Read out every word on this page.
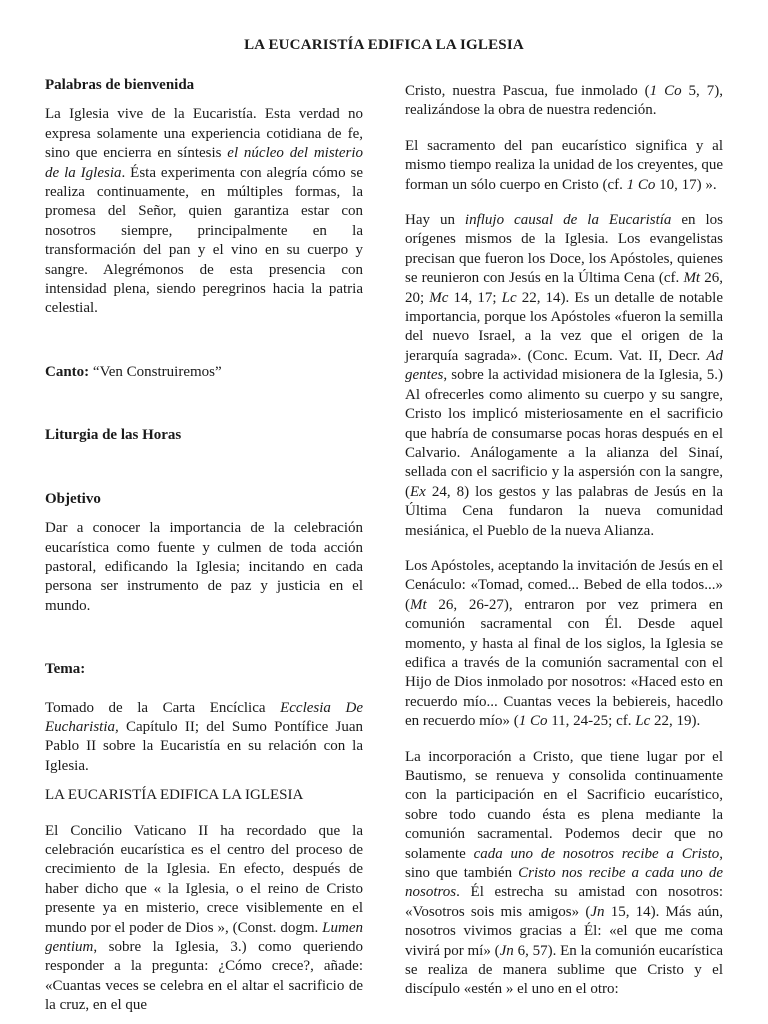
LA EUCARISTÍA EDIFICA LA IGLESIA

Palabras de bienvenida

La Iglesia vive de la Eucaristía. Esta verdad no expresa solamente una experiencia cotidiana de fe, sino que encierra en síntesis el núcleo del misterio de la Iglesia. Ésta experimenta con alegría cómo se realiza continuamente, en múltiples formas, la promesa del Señor, quien garantiza estar con nosotros siempre, principalmente en la transformación del pan y el vino en su cuerpo y sangre. Alegrémonos de esta presencia con intensidad plena, siendo peregrinos hacia la patria celestial.

Canto: “Ven Construiremos”

Liturgia de las Horas

Objetivo

Dar a conocer la importancia de la celebración eucarística como fuente y culmen de toda acción pastoral, edificando la Iglesia; incitando en cada persona ser instrumento de paz y justicia en el mundo.

Tema:

Tomado de la Carta Encíclica Ecclesia De Eucharistia, Capítulo II; del Sumo Pontífice Juan Pablo II sobre la Eucaristía en su relación con la Iglesia.

LA EUCARISTÍA EDIFICA LA IGLESIA

El Concilio Vaticano II ha recordado que la celebración eucarística es el centro del proceso de crecimiento de la Iglesia. En efecto, después de haber dicho que « la Iglesia, o el reino de Cristo presente ya en misterio, crece visiblemente en el mundo por el poder de Dios », (Const. dogm. Lumen gentium, sobre la Iglesia, 3.) como queriendo responder a la pregunta: ¿Cómo crece?, añade: «Cuantas veces se celebra en el altar el sacrificio de la cruz, en el que

Cristo, nuestra Pascua, fue inmolado (1 Co 5, 7), realizándose la obra de nuestra redención.

El sacramento del pan eucarístico significa y al mismo tiempo realiza la unidad de los creyentes, que forman un sólo cuerpo en Cristo (cf. 1 Co 10, 17) ».

Hay un influjo causal de la Eucaristía en los orígenes mismos de la Iglesia. Los evangelistas precisan que fueron los Doce, los Apóstoles, quienes se reunieron con Jesús en la Última Cena (cf. Mt 26, 20; Mc 14, 17; Lc 22, 14). Es un detalle de notable importancia, porque los Apóstoles «fueron la semilla del nuevo Israel, a la vez que el origen de la jerarquía sagrada». (Conc. Ecum. Vat. II, Decr. Ad gentes, sobre la actividad misionera de la Iglesia, 5.) Al ofrecerles como alimento su cuerpo y su sangre, Cristo los implicó misteriosamente en el sacrificio que habría de consumarse pocas horas después en el Calvario. Análogamente a la alianza del Sinaí, sellada con el sacrificio y la aspersión con la sangre, (Ex 24, 8) los gestos y las palabras de Jesús en la Última Cena fundaron la nueva comunidad mesiánica, el Pueblo de la nueva Alianza.

Los Apóstoles, aceptando la invitación de Jesús en el Cenáculo: «Tomad, comed... Bebed de ella todos...» (Mt 26, 26-27), entraron por vez primera en comunión sacramental con Él. Desde aquel momento, y hasta al final de los siglos, la Iglesia se edifica a través de la comunión sacramental con el Hijo de Dios inmolado por nosotros: «Haced esto en recuerdo mío... Cuantas veces la bebiereis, hacedlo en recuerdo mío» (1 Co 11, 24-25; cf. Lc 22, 19).

La incorporación a Cristo, que tiene lugar por el Bautismo, se renueva y consolida continuamente con la participación en el Sacrificio eucarístico, sobre todo cuando ésta es plena mediante la comunión sacramental. Podemos decir que no solamente cada uno de nosotros recibe a Cristo, sino que también Cristo nos recibe a cada uno de nosotros. Él estrecha su amistad con nosotros: «Vosotros sois mis amigos» (Jn 15, 14). Más aún, nosotros vivimos gracias a Él: «el que me coma vivirá por mí» (Jn 6, 57). En la comunión eucarística se realiza de manera sublime que Cristo y el discípulo «estén » el uno en el otro:
